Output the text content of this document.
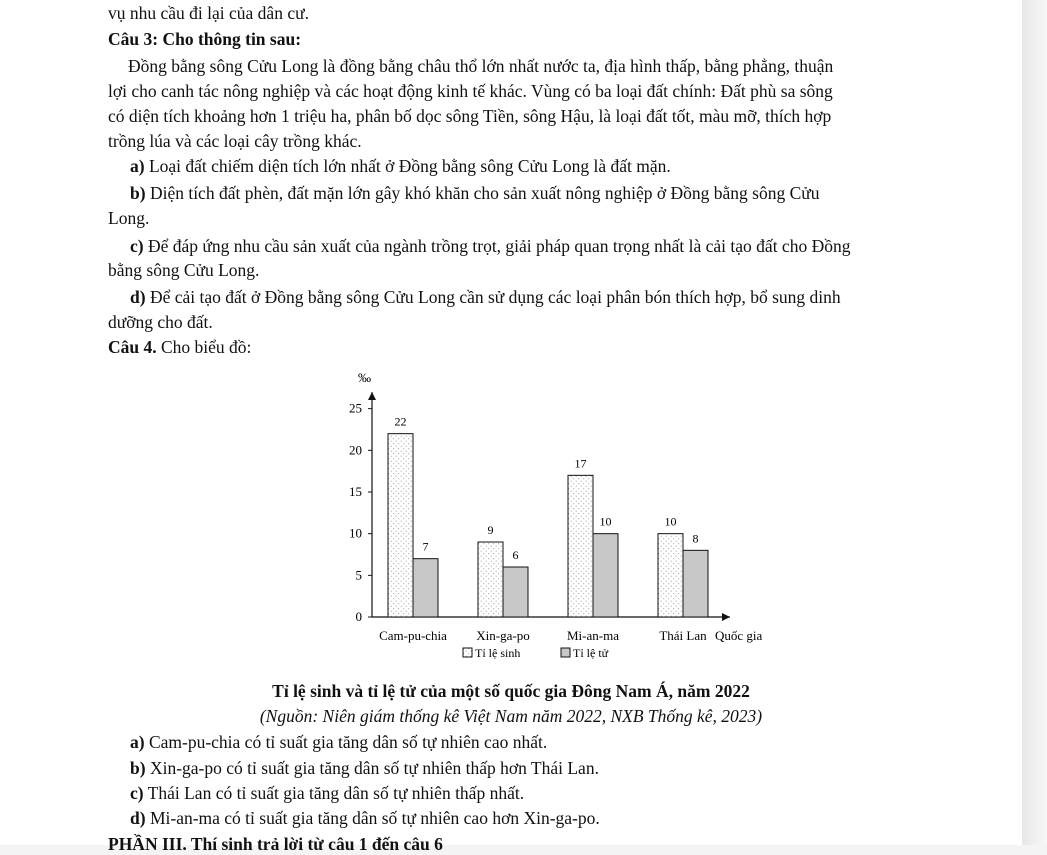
vụ nhu cầu đi lại của dân cư.
Câu 3: Cho thông tin sau:
Đồng bằng sông Cửu Long là đồng bằng châu thổ lớn nhất nước ta, địa hình thấp, bằng phẳng, thuận
lợi cho canh tác nông nghiệp và các hoạt động kinh tế khác. Vùng có ba loại đất chính: Đất phù sa sông
có diện tích khoảng hơn 1 triệu ha, phân bố dọc sông Tiền, sông Hậu, là loại đất tốt, màu mỡ, thích hợp
trồng lúa và các loại cây trồng khác.
a) Loại đất chiếm diện tích lớn nhất ở Đồng bằng sông Cửu Long là đất mặn.
b) Diện tích đất phèn, đất mặn lớn gây khó khăn cho sản xuất nông nghiệp ở Đồng bằng sông Cửu
Long.
c) Để đáp ứng nhu cầu sản xuất của ngành trồng trọt, giải pháp quan trọng nhất là cải tạo đất cho Đồng
bằng sông Cửu Long.
d) Để cải tạo đất ở Đồng bằng sông Cửu Long cần sử dụng các loại phân bón thích hợp, bổ sung dinh
dưỡng cho đất.
Câu 4. Cho biểu đồ:
‰
Quốc gia
0
5
10
15
20
25
22
7
Cam-pu-chia
9
6
Xin-ga-po
17
10
Mi-an-ma
10
8
Thái Lan
Tỉ lệ sinh	Tỉ lệ tử
Tỉ lệ sinh và tỉ lệ tử của một số quốc gia Đông Nam Á, năm 2022
(Nguồn: Niên giám thống kê Việt Nam năm 2022, NXB Thống kê, 2023)
a) Cam-pu-chia có tỉ suất gia tăng dân số tự nhiên cao nhất.
b) Xin-ga-po có tỉ suất gia tăng dân số tự nhiên thấp hơn Thái Lan.
c) Thái Lan có tỉ suất gia tăng dân số tự nhiên thấp nhất.
d) Mi-an-ma có tỉ suất gia tăng dân số tự nhiên cao hơn Xin-ga-po.
PHẦN III. Thí sinh trả lời từ câu 1 đến câu 6
